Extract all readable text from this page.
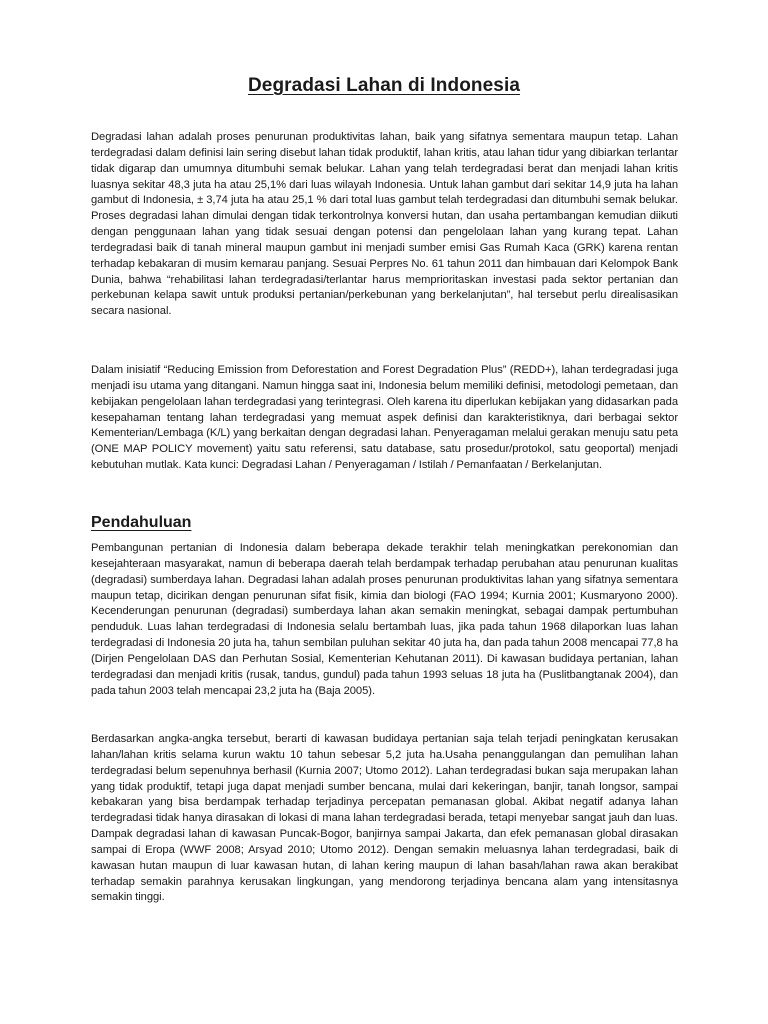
Degradasi Lahan di Indonesia

Degradasi lahan adalah proses penurunan produktivitas lahan, baik yang sifatnya sementara maupun tetap. Lahan terdegradasi dalam definisi lain sering disebut lahan tidak produktif, lahan kritis, atau lahan tidur yang dibiarkan terlantar tidak digarap dan umumnya ditumbuhi semak belukar. Lahan yang telah terdegradasi berat dan menjadi lahan kritis luasnya sekitar 48,3 juta ha atau 25,1% dari luas wilayah Indonesia. Untuk lahan gambut dari sekitar 14,9 juta ha lahan gambut di Indonesia, ± 3,74 juta ha atau 25,1 % dari total luas gambut telah terdegradasi dan ditumbuhi semak belukar. Proses degradasi lahan dimulai dengan tidak terkontrolnya konversi hutan, dan usaha pertambangan kemudian diikuti dengan penggunaan lahan yang tidak sesuai dengan potensi dan pengelolaan lahan yang kurang tepat. Lahan terdegradasi baik di tanah mineral maupun gambut ini menjadi sumber emisi Gas Rumah Kaca (GRK) karena rentan terhadap kebakaran di musim kemarau panjang. Sesuai Perpres No. 61 tahun 2011 dan himbauan dari Kelompok Bank Dunia, bahwa “rehabilitasi lahan terdegradasi/terlantar harus memprioritaskan investasi pada sektor pertanian dan perkebunan kelapa sawit untuk produksi pertanian/perkebunan yang berkelanjutan”, hal tersebut perlu direalisasikan secara nasional.

Dalam inisiatif “Reducing Emission from Deforestation and Forest Degradation Plus” (REDD+), lahan terdegradasi juga menjadi isu utama yang ditangani. Namun hingga saat ini, Indonesia belum memiliki definisi, metodologi pemetaan, dan kebijakan pengelolaan lahan terdegradasi yang terintegrasi. Oleh karena itu diperlukan kebijakan yang didasarkan pada kesepahaman tentang lahan terdegradasi yang memuat aspek definisi dan karakteristiknya, dari berbagai sektor Kementerian/Lembaga (K/L) yang berkaitan dengan degradasi lahan. Penyeragaman melalui gerakan menuju satu peta (ONE MAP POLICY movement) yaitu satu referensi, satu database, satu prosedur/protokol, satu geoportal) menjadi kebutuhan mutlak. Kata kunci: Degradasi Lahan / Penyeragaman / Istilah / Pemanfaatan / Berkelanjutan.

Pendahuluan

Pembangunan pertanian di Indonesia dalam beberapa dekade terakhir telah meningkatkan perekonomian dan kesejahteraan masyarakat, namun di beberapa daerah telah berdampak terhadap perubahan atau penurunan kualitas (degradasi) sumberdaya lahan. Degradasi lahan adalah proses penurunan produktivitas lahan yang sifatnya sementara maupun tetap, dicirikan dengan penurunan sifat fisik, kimia dan biologi (FAO 1994; Kurnia 2001; Kusmaryono 2000). Kecenderungan penurunan (degradasi) sumberdaya lahan akan semakin meningkat, sebagai dampak pertumbuhan penduduk. Luas lahan terdegradasi di Indonesia selalu bertambah luas, jika pada tahun 1968 dilaporkan luas lahan terdegradasi di Indonesia 20 juta ha, tahun sembilan puluhan sekitar 40 juta ha, dan pada tahun 2008 mencapai 77,8 ha (Dirjen Pengelolaan DAS dan Perhutan Sosial, Kementerian Kehutanan 2011). Di kawasan budidaya pertanian, lahan terdegradasi dan menjadi kritis (rusak, tandus, gundul) pada tahun 1993 seluas 18 juta ha (Puslitbangtanak 2004), dan pada tahun 2003 telah mencapai 23,2 juta ha (Baja 2005).

Berdasarkan angka-angka tersebut, berarti di kawasan budidaya pertanian saja telah terjadi peningkatan kerusakan lahan/lahan kritis selama kurun waktu 10 tahun sebesar 5,2 juta ha.Usaha penanggulangan dan pemulihan lahan terdegradasi belum sepenuhnya berhasil (Kurnia 2007; Utomo 2012). Lahan terdegradasi bukan saja merupakan lahan yang tidak produktif, tetapi juga dapat menjadi sumber bencana, mulai dari kekeringan, banjir, tanah longsor, sampai kebakaran yang bisa berdampak terhadap terjadinya percepatan pemanasan global. Akibat negatif adanya lahan terdegradasi tidak hanya dirasakan di lokasi di mana lahan terdegradasi berada, tetapi menyebar sangat jauh dan luas. Dampak degradasi lahan di kawasan Puncak-Bogor, banjirnya sampai Jakarta, dan efek pemanasan global dirasakan sampai di Eropa (WWF 2008; Arsyad 2010; Utomo 2012). Dengan semakin meluasnya lahan terdegradasi, baik di kawasan hutan maupun di luar kawasan hutan, di lahan kering maupun di lahan basah/lahan rawa akan berakibat terhadap semakin parahnya kerusakan lingkungan, yang mendorong terjadinya bencana alam yang intensitasnya semakin tinggi.
